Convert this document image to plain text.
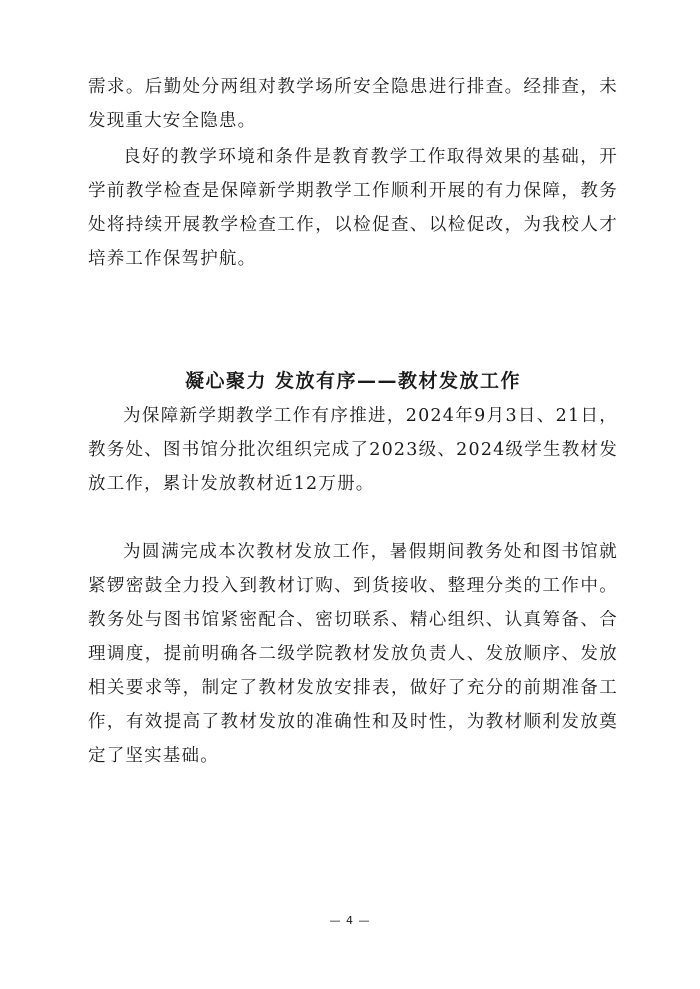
需求。后勤处分两组对教学场所安全隐患进行排查。经排查，未发现重大安全隐患。

良好的教学环境和条件是教育教学工作取得效果的基础，开学前教学检查是保障新学期教学工作顺利开展的有力保障，教务处将持续开展教学检查工作，以检促查、以检促改，为我校人才培养工作保驾护航。

凝心聚力 发放有序——教材发放工作

为保障新学期教学工作有序推进，2024年9月3日、21日，教务处、图书馆分批次组织完成了2023级、2024级学生教材发放工作，累计发放教材近12万册。

为圆满完成本次教材发放工作，暑假期间教务处和图书馆就紧锣密鼓全力投入到教材订购、到货接收、整理分类的工作中。教务处与图书馆紧密配合、密切联系、精心组织、认真筹备、合理调度，提前明确各二级学院教材发放负责人、发放顺序、发放相关要求等，制定了教材发放安排表，做好了充分的前期准备工作，有效提高了教材发放的准确性和及时性，为教材顺利发放奠定了坚实基础。

— 4 —
